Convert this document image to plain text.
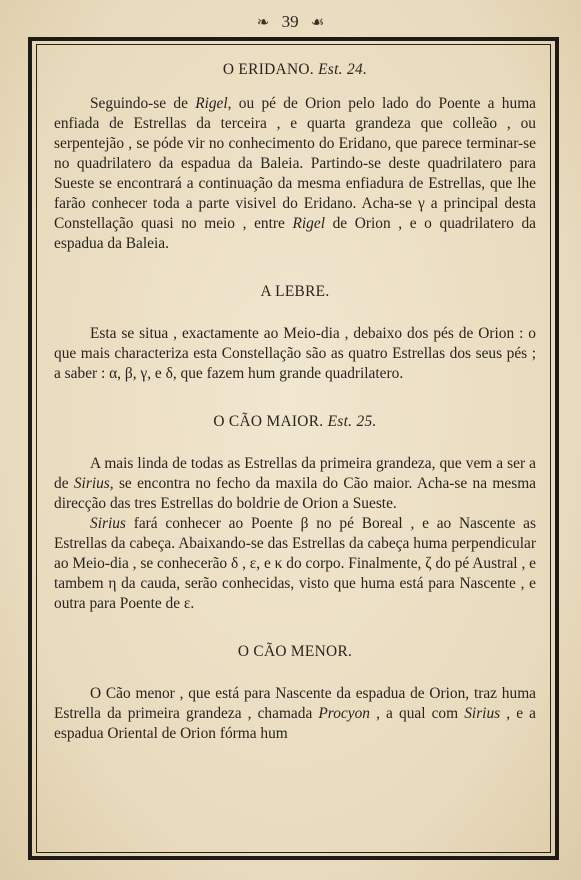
❧ 39 ☙
O ERIDANO. Est. 24.

Seguindo-se de Rigel, ou pé de Orion pelo lado do Poente a huma enfiada de Estrellas da terceira , e quarta grandeza que colleão , ou serpentejão , se póde vir no conhecimento do Eridano, que parece terminar-se no quadrilatero da espadua da Baleia. Partindo-se deste quadrilatero para Sueste se encontrará a continuação da mesma enfiadura de Estrellas, que lhe farão conhecer toda a parte visivel do Eridano. Acha-se γ a principal desta Constellação quasi no meio , entre Rigel de Orion , e o quadrilatero da espadua da Baleia.

A LEBRE.

Esta se situa , exactamente ao Meio-dia , debaixo dos pés de Orion : o que mais characteriza esta Constellação são as quatro Estrellas dos seus pés ; a saber : α, β, γ, e δ, que fazem hum grande quadrilatero.

O CÃO MAIOR. Est. 25.

A mais linda de todas as Estrellas da primeira grandeza, que vem a ser a de Sirius, se encontra no fecho da maxila do Cão maior. Acha-se na mesma direcção das tres Estrellas do boldrie de Orion a Sueste.

Sirius fará conhecer ao Poente β no pé Boreal , e ao Nascente as Estrellas da cabeça. Abaixando-se das Estrellas da cabeça huma perpendicular ao Meio-dia , se conhecerão δ , ε, e κ do corpo. Finalmente, ζ do pé Austral , e tambem η da cauda, serão conhecidas, visto que huma está para Nascente , e outra para Poente de ε.

O CÃO MENOR.

O Cão menor , que está para Nascente da espadua de Orion, traz huma Estrella da primeira grandeza , chamada Procyon , a qual com Sirius , e a espadua Oriental de Orion fórma hum
